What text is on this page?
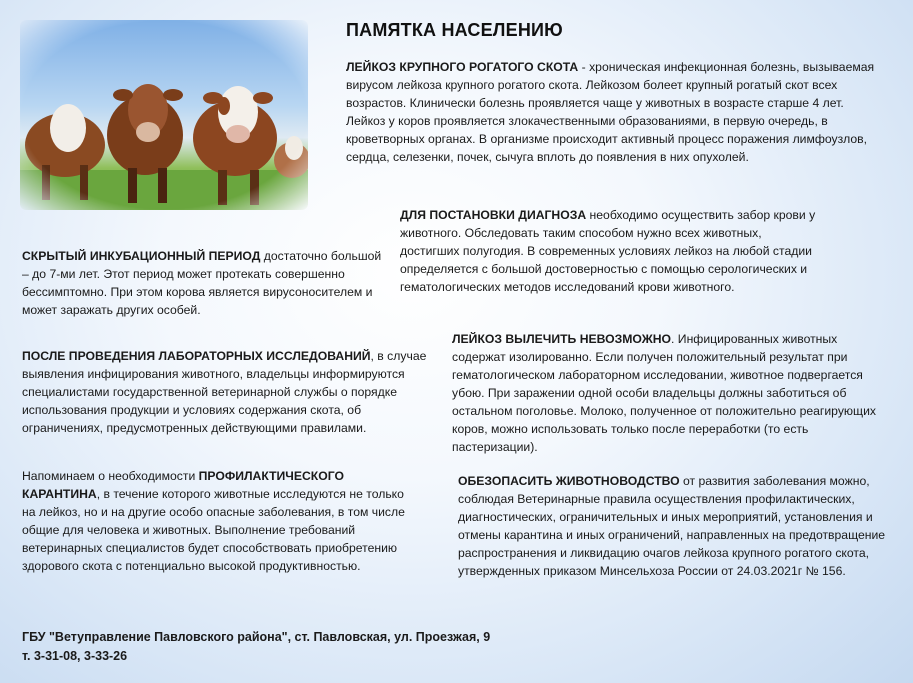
ПАМЯТКА НАСЕЛЕНИЮ
ЛЕЙКОЗ КРУПНОГО РОГАТОГО СКОТА - хроническая инфекционная болезнь, вызываемая вирусом лейкоза крупного рогатого скота. Лейкозом болеет крупный рогатый скот всех возрастов. Клинически болезнь проявляется чаще у животных в возрасте старше 4 лет. Лейкоз у коров проявляется злокачественными образованиями, в первую очередь, в кроветворных органах. В организме происходит активный процесс поражения лимфоузлов, сердца, селезенки, почек, сычуга вплоть до появления в них опухолей.
ДЛЯ ПОСТАНОВКИ ДИАГНОЗА необходимо осуществить забор крови у животного. Обследовать таким способом нужно всех животных, достигших полугодия. В современных условиях лейкоз на любой стадии определяется с большой достоверностью с помощью серологических и гематологических методов исследований крови животного.
СКРЫТЫЙ ИНКУБАЦИОННЫЙ ПЕРИОД достаточно большой – до 7-ми лет. Этот период может протекать совершенно бессимптомно. При этом корова является вирусоносителем и может заражать других особей.
ПОСЛЕ ПРОВЕДЕНИЯ ЛАБОРАТОРНЫХ ИССЛЕДОВАНИЙ, в случае выявления инфицирования животного, владельцы информируются специалистами государственной ветеринарной службы о порядке использования продукции и условиях содержания скота, об ограничениях, предусмотренных действующими правилами.
ЛЕЙКОЗ ВЫЛЕЧИТЬ НЕВОЗМОЖНО. Инфицированных животных содержат изолированно. Если получен положительный результат при гематологическом лабораторном исследовании, животное подвергается убою. При заражении одной особи владельцы должны заботиться об остальном поголовье. Молоко, полученное от положительно реагирующих коров, можно использовать только после переработки (то есть пастеризации).
Напоминаем о необходимости ПРОФИЛАКТИЧЕСКОГО КАРАНТИНА, в течение которого животные исследуются не только на лейкоз, но и на другие особо опасные заболевания, в том числе общие для человека и животных. Выполнение требований ветеринарных специалистов будет способствовать приобретению здорового скота с потенциально высокой продуктивностью.
ОБЕЗОПАСИТЬ ЖИВОТНОВОДСТВО от развития заболевания можно, соблюдая Ветеринарные правила осуществления профилактических, диагностических, ограничительных и иных мероприятий, установления и отмены карантина и иных ограничений, направленных на предотвращение распространения и ликвидацию очагов лейкоза крупного рогатого скота, утвержденных приказом Минсельхоза России от 24.03.2021г № 156.
ГБУ "Ветуправление Павловского района", ст. Павловская, ул. Проезжая, 9
т. 3-31-08, 3-33-26
